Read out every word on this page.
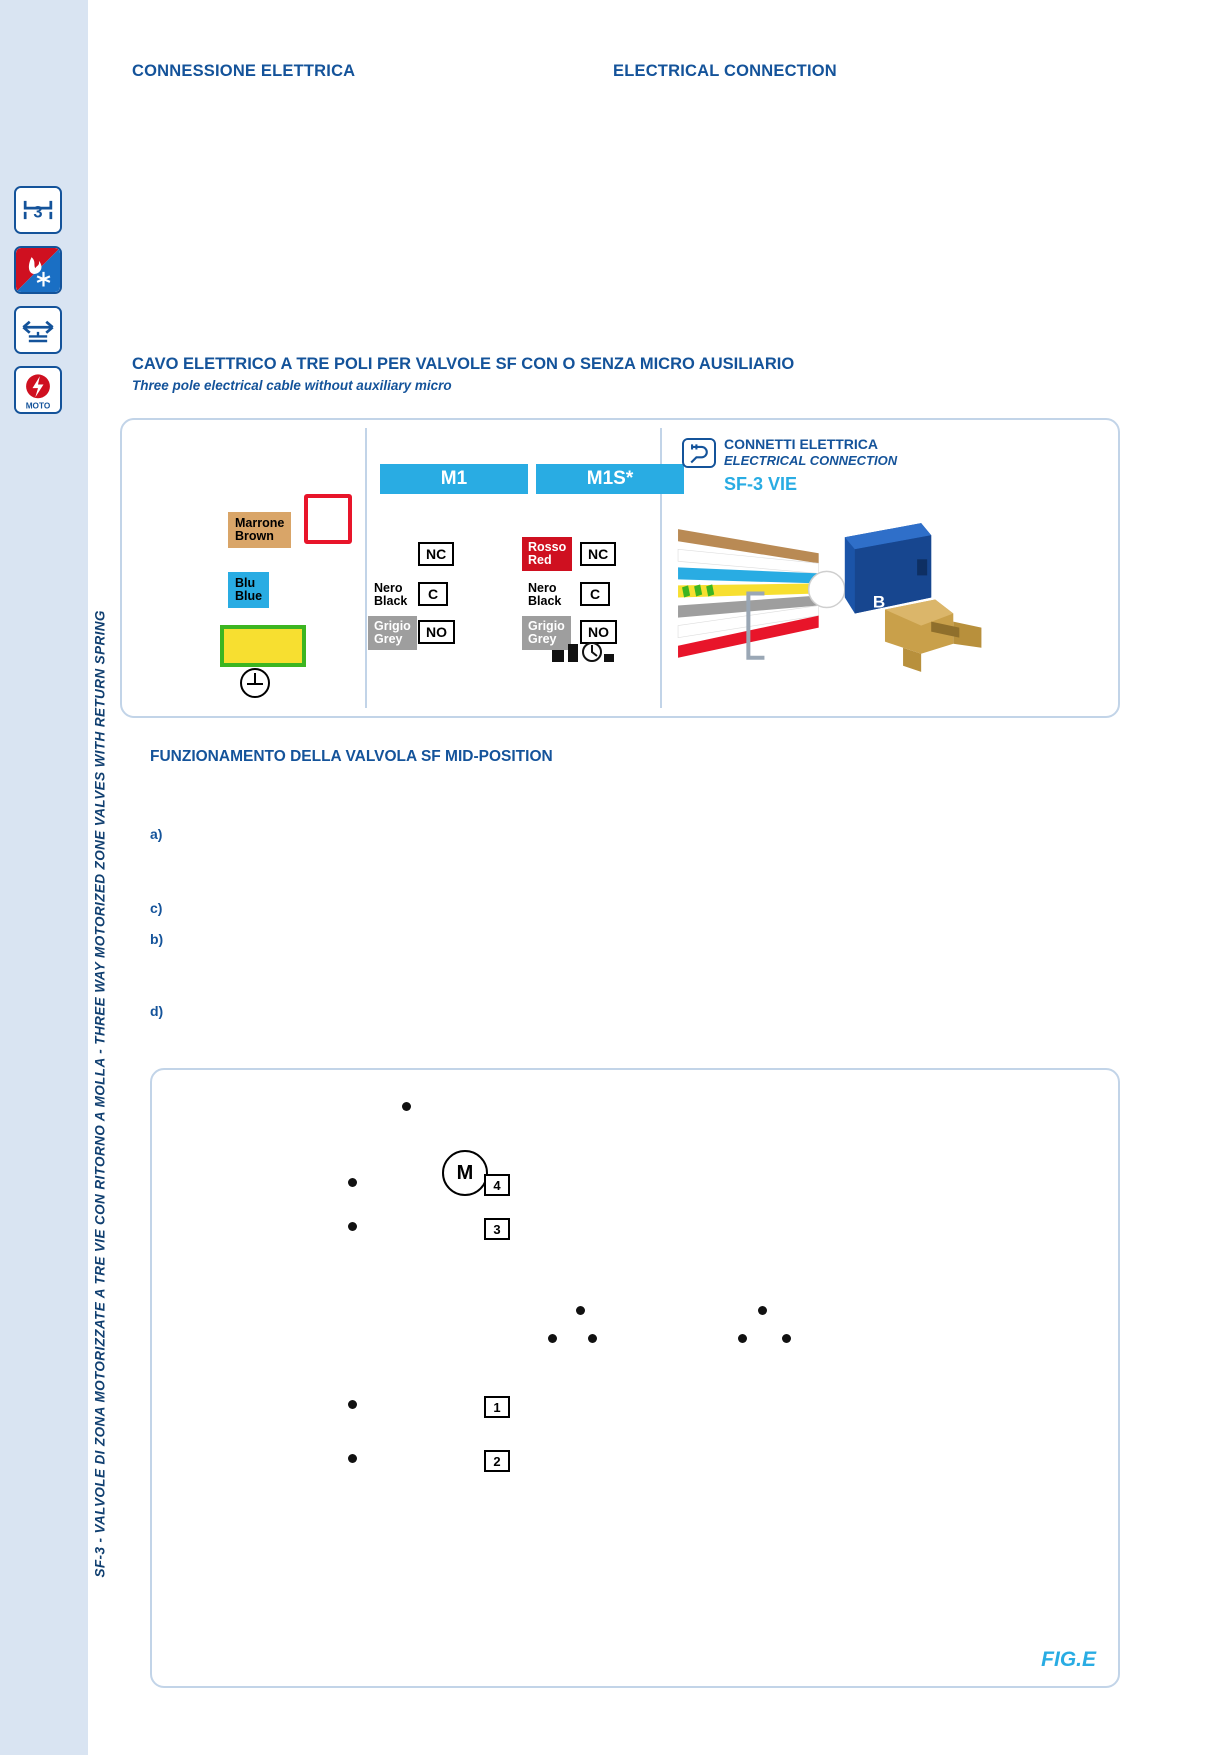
3
MOTO
SF-3 - VALVOLE DI ZONA MOTORIZZATE A TRE VIE CON RITORNO A MOLLA - THREE WAY MOTORIZED ZONE VALVES WITH RETURN SPRING
CONNESSIONE ELETTRICA	ELECTRICAL CONNECTION
CAVO ELETTRICO A TRE POLI PER VALVOLE SF CON O SENZA MICRO AUSILIARIO
Three pole electrical cable without auxiliary micro
Marrone
Brown
Blu
Blue
M1
NC
C
NO
Nero
Black
Grigio
Grey
M1S*
Rosso
Red
Nero
Black
Grigio
Grey
NC
C
NO
CONNETTI ELETTRICA
ELECTRICAL CONNECTION
SF-3 VIE
B
FUNZIONAMENTO DELLA VALVOLA SF MID-POSITION
a)
c)
b)
d)
M
4
3
1
2
FIG.E
